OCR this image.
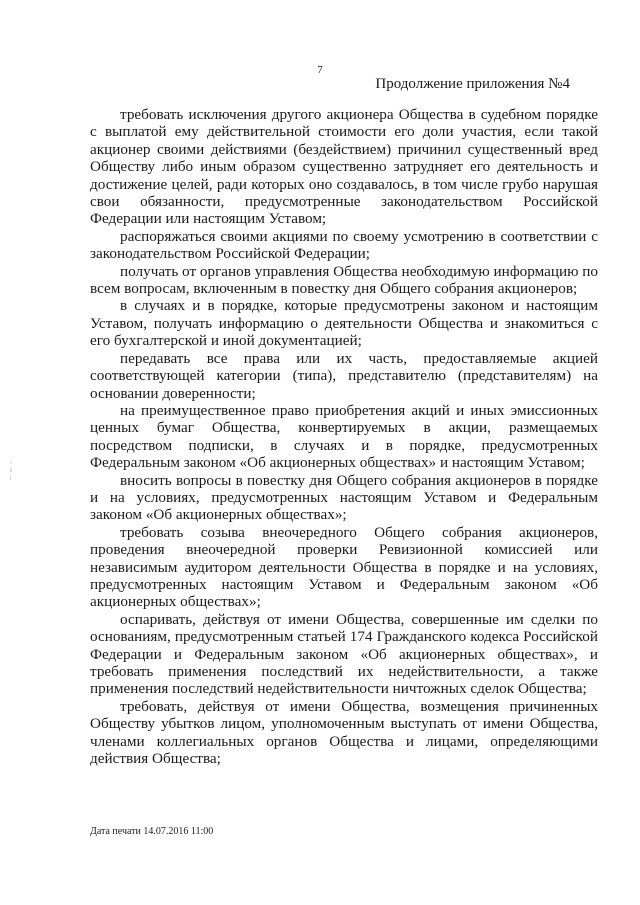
7
Продолжение приложения №4

требовать исключения другого акционера Общества в судебном порядке с выплатой ему действительной стоимости его доли участия, если такой акционер своими действиями (бездействием) причинил существенный вред Обществу либо иным образом существенно затрудняет его деятельность и достижение целей, ради которых оно создавалось, в том числе грубо нарушая свои обязанности, предусмотренные законодательством Российской Федерации или настоящим Уставом;

распоряжаться своими акциями по своему усмотрению в соответствии с законодательством Российской Федерации;

получать от органов управления Общества необходимую информацию по всем вопросам, включенным в повестку дня Общего собрания акционеров;

в случаях и в порядке, которые предусмотрены законом и настоящим Уставом, получать информацию о деятельности Общества и знакомиться с его бухгалтерской и иной документацией;

передавать все права или их часть, предоставляемые акцией соответствующей категории (типа), представителю (представителям) на основании доверенности;

на преимущественное право приобретения акций и иных эмиссионных ценных бумаг Общества, конвертируемых в акции, размещаемых посредством подписки, в случаях и в порядке, предусмотренных Федеральным законом «Об акционерных обществах» и настоящим Уставом;

вносить вопросы в повестку дня Общего собрания акционеров в порядке и на условиях, предусмотренных настоящим Уставом и Федеральным законом «Об акционерных обществах»;

требовать созыва внеочередного Общего собрания акционеров, проведения внеочередной проверки Ревизионной комиссией или независимым аудитором деятельности Общества в порядке и на условиях, предусмотренных настоящим Уставом и Федеральным законом «Об акционерных обществах»;

оспаривать, действуя от имени Общества, совершенные им сделки по основаниям, предусмотренным статьей 174 Гражданского кодекса Российской Федерации и Федеральным законом «Об акционерных обществах», и требовать применения последствий их недействительности, а также применения последствий недействительности ничтожных сделок Общества;

требовать, действуя от имени Общества, возмещения причиненных Обществу убытков лицом, уполномоченным выступать от имени Общества, членами коллегиальных органов Общества и лицами, определяющими действия Общества;

:
ɪ
ǀ
Дата печати 14.07.2016 11:00
